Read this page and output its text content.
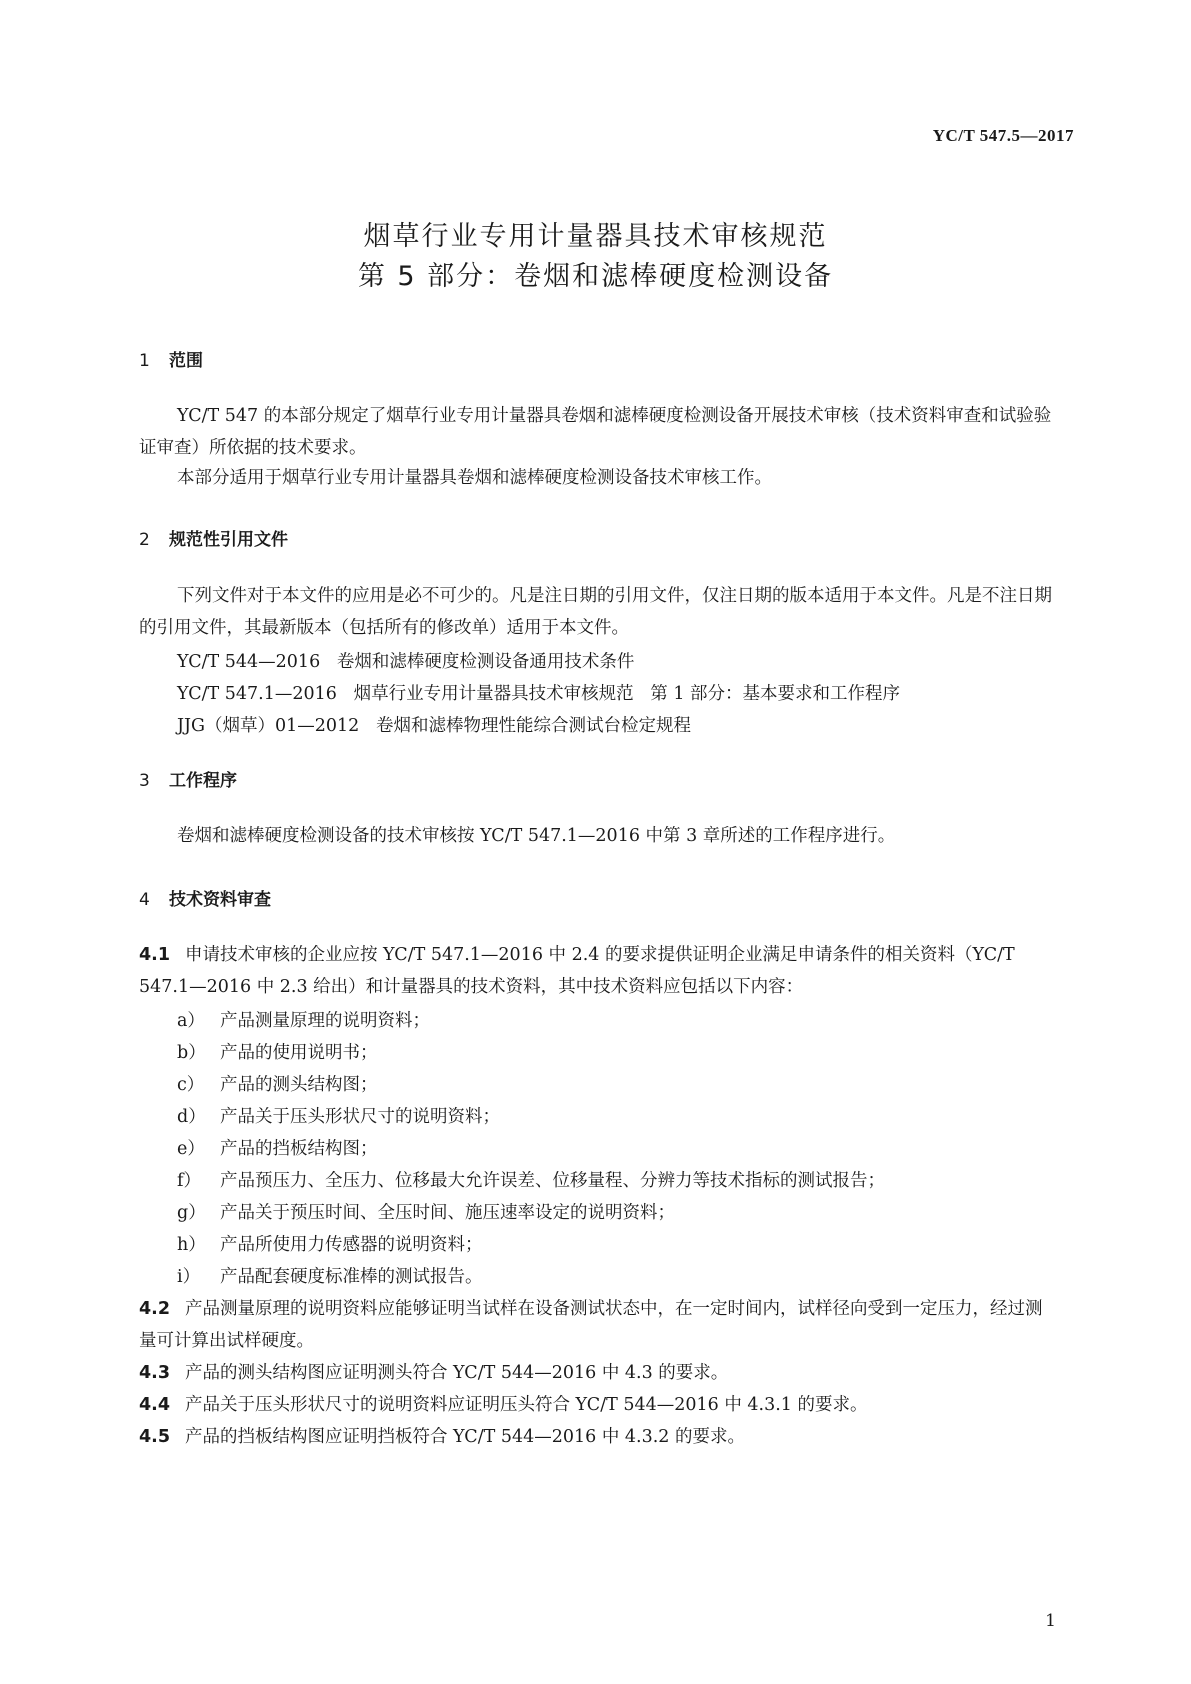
YC/T 547.5—2017
烟草行业专用计量器具技术审核规范
第 5 部分：卷烟和滤棒硬度检测设备
1 范围
YC/T 547 的本部分规定了烟草行业专用计量器具卷烟和滤棒硬度检测设备开展技术审核（技术资料审查和试验验证审查）所依据的技术要求。
本部分适用于烟草行业专用计量器具卷烟和滤棒硬度检测设备技术审核工作。
2 规范性引用文件
下列文件对于本文件的应用是必不可少的。凡是注日期的引用文件，仅注日期的版本适用于本文件。凡是不注日期的引用文件，其最新版本（包括所有的修改单）适用于本文件。
YC/T 544—2016   卷烟和滤棒硬度检测设备通用技术条件
YC/T 547.1—2016   烟草行业专用计量器具技术审核规范   第 1 部分：基本要求和工作程序
JJG（烟草）01—2012   卷烟和滤棒物理性能综合测试台检定规程
3 工作程序
卷烟和滤棒硬度检测设备的技术审核按 YC/T 547.1—2016 中第 3 章所述的工作程序进行。
4 技术资料审查
4.1 申请技术审核的企业应按 YC/T 547.1—2016 中 2.4 的要求提供证明企业满足申请条件的相关资料（YC/T 547.1—2016 中 2.3 给出）和计量器具的技术资料，其中技术资料应包括以下内容：
a） 产品测量原理的说明资料；
b） 产品的使用说明书；
c） 产品的测头结构图；
d） 产品关于压头形状尺寸的说明资料；
e） 产品的挡板结构图；
f） 产品预压力、全压力、位移最大允许误差、位移量程、分辨力等技术指标的测试报告；
g） 产品关于预压时间、全压时间、施压速率设定的说明资料；
h） 产品所使用力传感器的说明资料；
i） 产品配套硬度标准棒的测试报告。
4.2 产品测量原理的说明资料应能够证明当试样在设备测试状态中，在一定时间内，试样径向受到一定压力，经过测量可计算出试样硬度。
4.3 产品的测头结构图应证明测头符合 YC/T 544—2016 中 4.3 的要求。
4.4 产品关于压头形状尺寸的说明资料应证明压头符合 YC/T 544—2016 中 4.3.1 的要求。
4.5 产品的挡板结构图应证明挡板符合 YC/T 544—2016 中 4.3.2 的要求。
1
